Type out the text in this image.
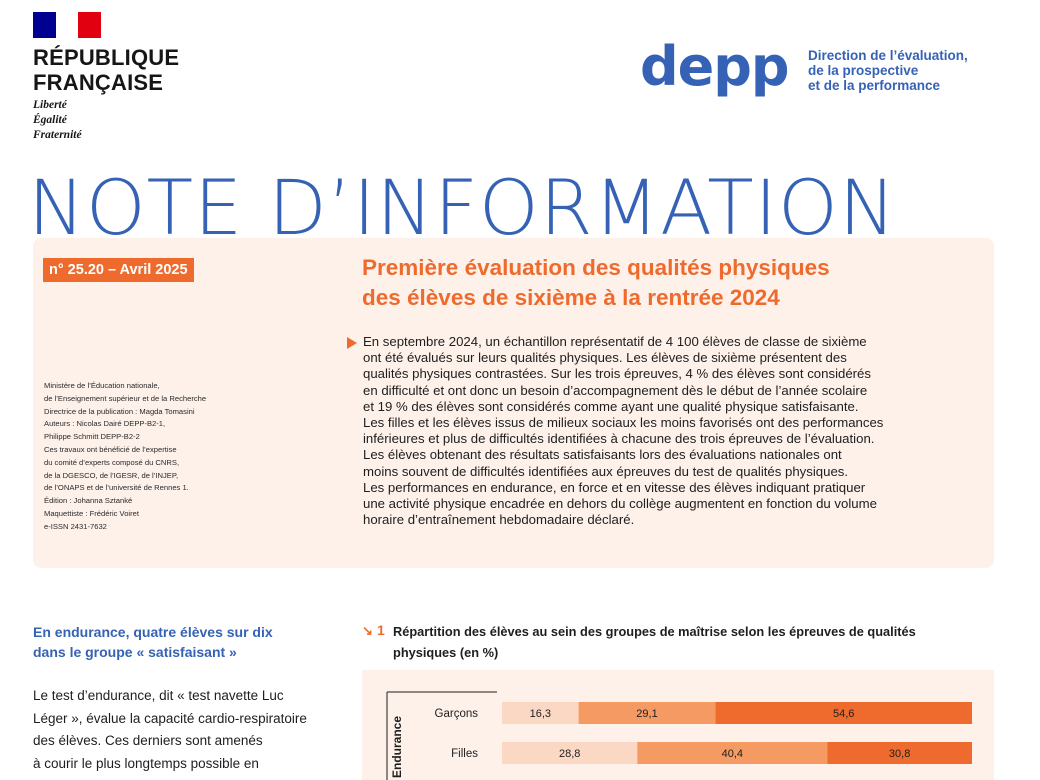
RÉPUBLIQUE
FRANÇAISE
Liberté
Égalité
Fraternité
depp Direction de l’évaluation,
de la prospective
et de la performance
NOTE D’INFORMATION
n° 25.20 – Avril 2025	Première évaluation des qualités physiques
des élèves de sixième à la rentrée 2024
Ministère de l’Éducation nationale,
de l’Enseignement supérieur et de la Recherche
Directrice de la publication : Magda Tomasini
Auteurs : Nicolas Dairé DEPP-B2-1,
Philippe Schmitt DEPP-B2-2
Ces travaux ont bénéficié de l’expertise
du comité d’experts composé du CNRS,
de la DGESCO, de l’IGESR, de l’INJEP,
de l’ONAPS et de l’université de Rennes 1.
Édition : Johanna Sztanké
Maquettiste : Frédéric Voiret
e-ISSN 2431-7632
En septembre 2024, un échantillon représentatif de 4 100 élèves de classe de sixième
ont été évalués sur leurs qualités physiques. Les élèves de sixième présentent des
qualités physiques contrastées. Sur les trois épreuves, 4 % des élèves sont considérés
en difficulté et ont donc un besoin d’accompagnement dès le début de l’année scolaire
et 19 % des élèves sont considérés comme ayant une qualité physique satisfaisante.
Les filles et les élèves issus de milieux sociaux les moins favorisés ont des performances
inférieures et plus de difficultés identifiées à chacune des trois épreuves de l’évaluation.
Les élèves obtenant des résultats satisfaisants lors des évaluations nationales ont
moins souvent de difficultés identifiées aux épreuves du test de qualités physiques.
Les performances en endurance, en force et en vitesse des élèves indiquant pratiquer
une activité physique encadrée en dehors du collège augmentent en fonction du volume
horaire d’entraînement hebdomadaire déclaré.
En endurance, quatre élèves sur dix
dans le groupe « satisfaisant »
Le test d’endurance, dit « test navette Luc
Léger », évalue la capacité cardio-respiratoire
des élèves. Ces derniers sont amenés
à courir le plus longtemps possible en
↘ 1 Répartition des élèves au sein des groupes de maîtrise selon les épreuves de qualités
physiques (en %)
Endurance
Garçons	16,3	29,1	54,6
Filles	28,8	40,4	30,8
